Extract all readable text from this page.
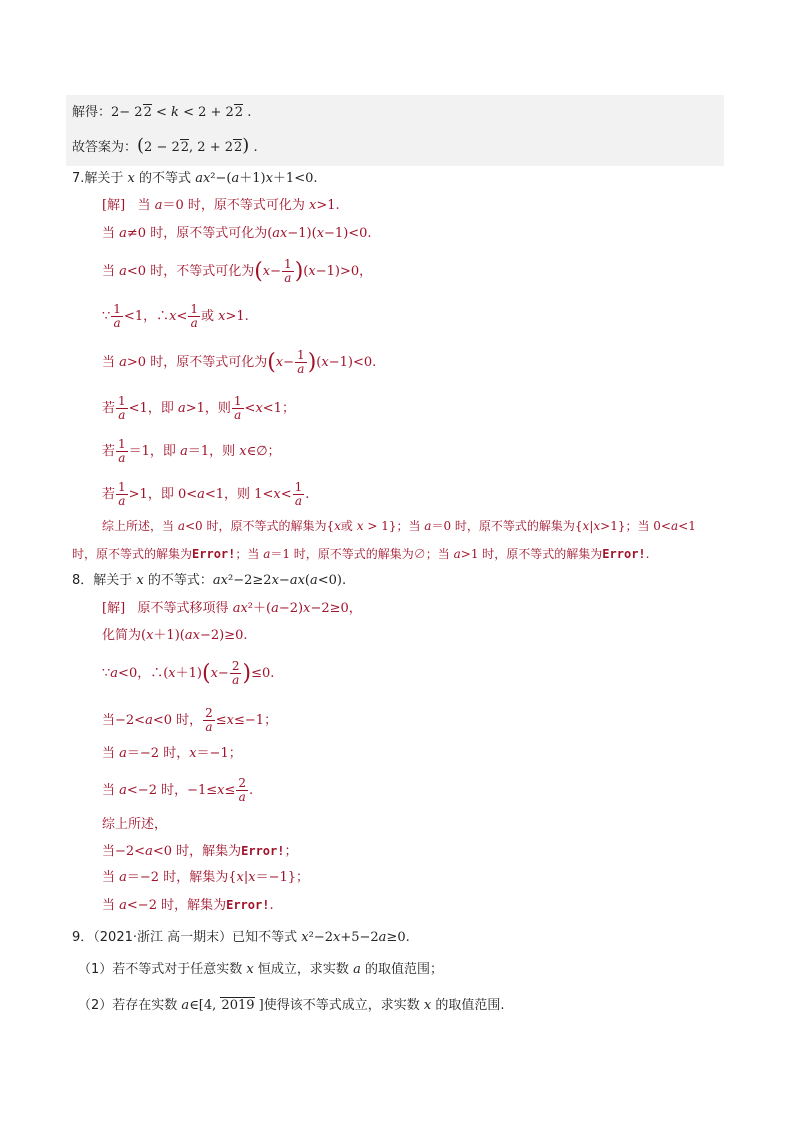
解得：2− 22 < k < 2 + 22 .
故答案为：(2 − 22, 2 + 22) .
7.解关于 x 的不等式 ax²−(a＋1)x＋1<0.
[解]   当 a＝0 时，原不等式可化为 x>1.
当 a≠0 时，原不等式可化为(ax−1)(x−1)<0.
当 a<0 时，不等式可化为$(x- \frac{1}{a} )(x-1)>0$，
∵ $\frac{1}{a} <1$，∴x< $\frac{1}{a}$ 或 x>1.
当 a>0 时，原不等式可化为$(x- \frac{1}{a} )(x-1)<0$.
若 $\frac{1}{a} <1$，即 a>1，则 $\frac{1}{a} <x<1$；
若 $\frac{1}{a} =1$，即 a＝1，则 x∈∅；
若 $\frac{1}{a} >1$，即 0<a<1，则 $1<x< \frac{1}{a}$ .
综上所述，当 a<0 时，原不等式的解集为{x或 x > 1}；当 a＝0 时，原不等式的解集为{x|x>1}；当 0<a<1
时，原不等式的解集为Error!；当 a＝1 时，原不等式的解集为∅；当 a>1 时，原不等式的解集为Error!.
8．解关于 x 的不等式：ax²−2≥2x−ax(a<0).
[解]   原不等式移项得 ax²＋(a−2)x−2≥0，
化简为(x＋1)(ax−2)≥0.
∵a<0，∴(x＋1)(x− $\frac{2}{a} )\le 0$.
当−2<a<0 时， $\frac{2}{a} \le x\le-1$；
当 a＝−2 时，x＝−1；
当 a<−2 时，$-1\le x\le \frac{2}{a}$ .
综上所述，
当−2<a<0 时，解集为Error!；
当 a＝−2 时，解集为{x|x＝−1}；
当 a<−2 时，解集为Error!.
9．（2021·浙江 高一期末）已知不等式 x²−2x+5−2a≥0.
（1）若不等式对于任意实数 x 恒成立，求实数 a 的取值范围；
（2）若存在实数 a∈[4, 2019 ]使得该不等式成立，求实数 x 的取值范围.
